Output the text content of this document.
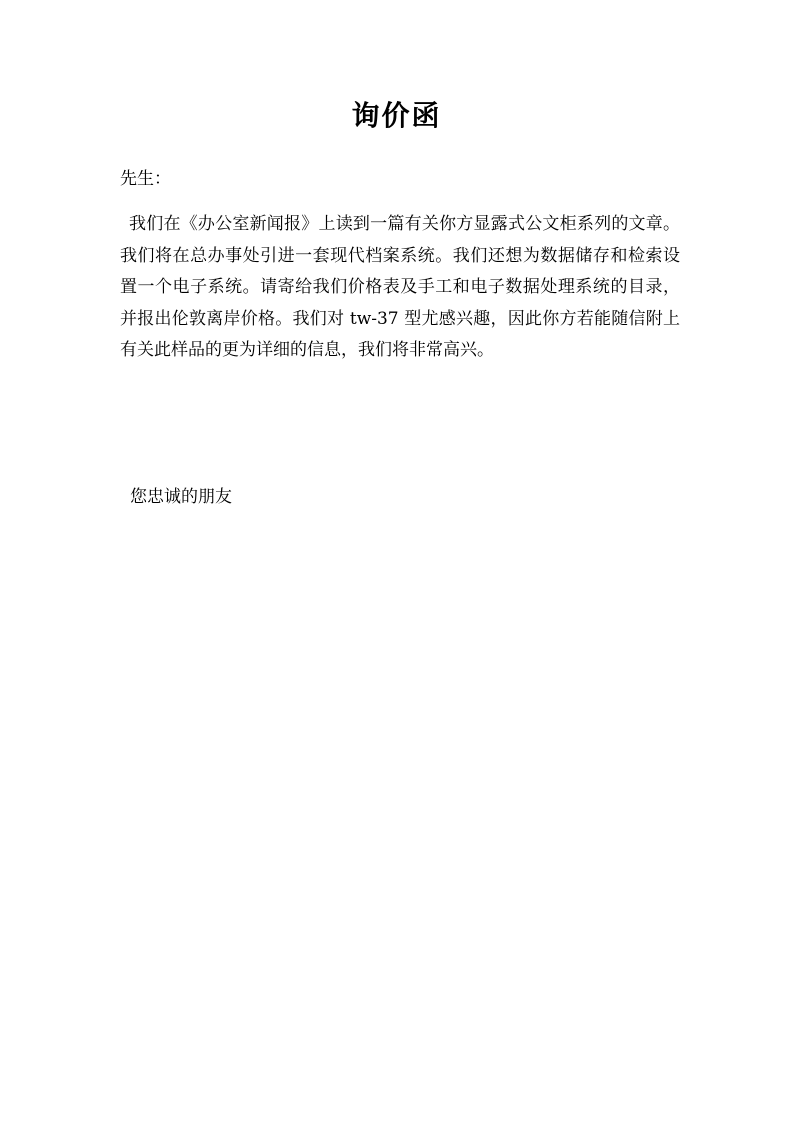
询价函
先生：
我们在《办公室新闻报》上读到一篇有关你方显露式公文柜系列的文章。我们将在总办事处引进一套现代档案系统。我们还想为数据储存和检索设置一个电子系统。请寄给我们价格表及手工和电子数据处理系统的目录，并报出伦敦离岸价格。我们对 tw-37 型尤感兴趣，因此你方若能随信附上有关此样品的更为详细的信息，我们将非常高兴。
您忠诚的朋友
